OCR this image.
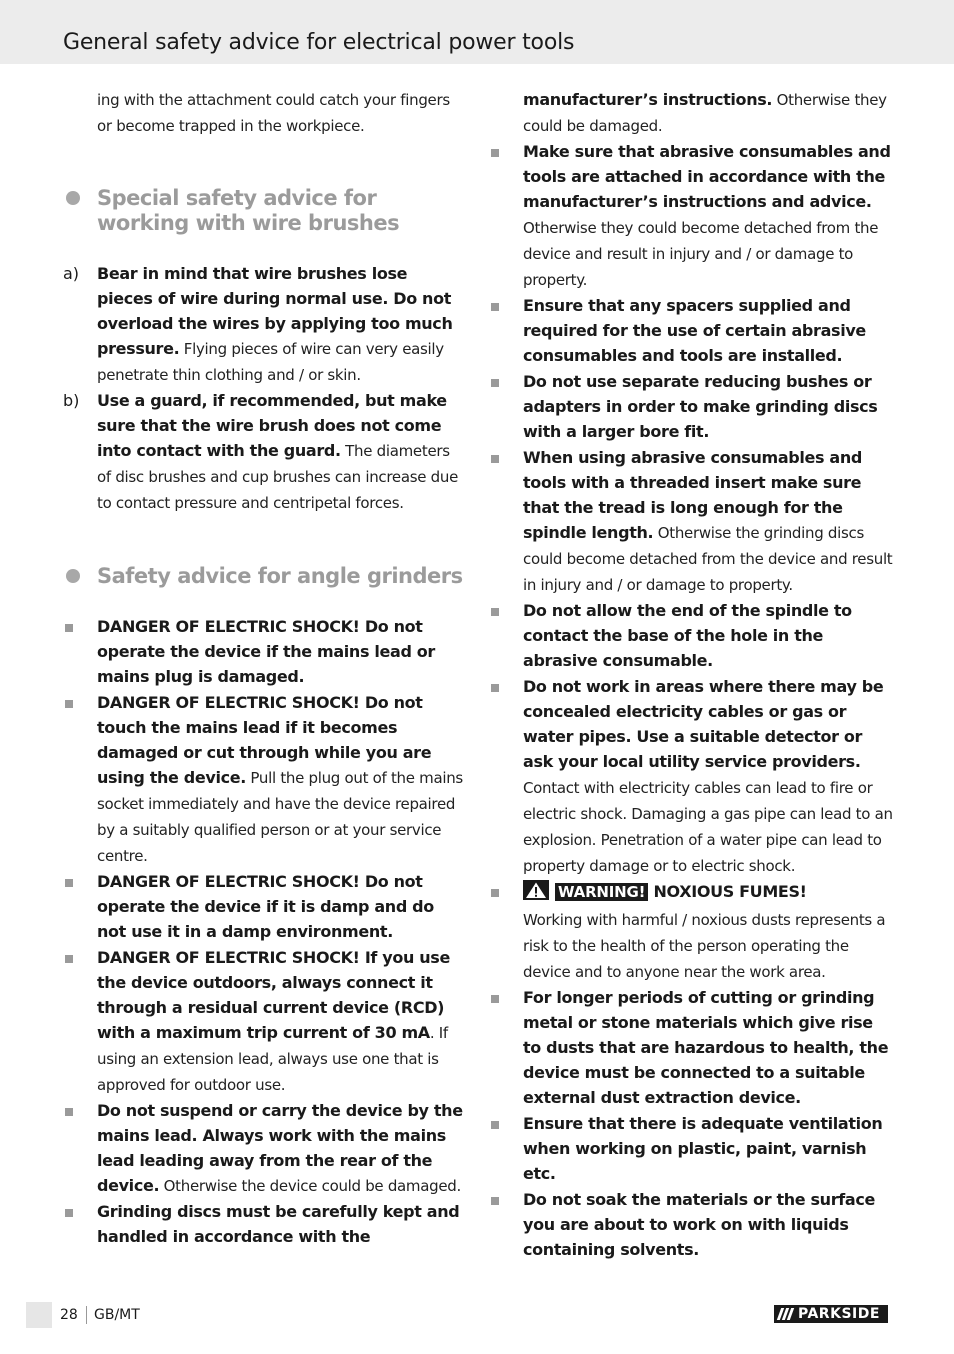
General safety advice for electrical power tools

ing with the attachment could catch your fingers or become trapped in the workpiece.

Special safety advice for working with wire brushes
a) Bear in mind that wire brushes lose pieces of wire during normal use. Do not overload the wires by applying too much pressure. Flying pieces of wire can very easily penetrate thin clothing and / or skin.
b) Use a guard, if recommended, but make sure that the wire brush does not come into contact with the guard. The diameters of disc brushes and cup brushes can increase due to contact pressure and centripetal forces.
Safety advice for angle grinders
DANGER OF ELECTRIC SHOCK! Do not operate the device if the mains lead or mains plug is damaged.
DANGER OF ELECTRIC SHOCK! Do not touch the mains lead if it becomes damaged or cut through while you are using the device. Pull the plug out of the mains socket immediately and have the device repaired by a suitably qualified person or at your service centre.
DANGER OF ELECTRIC SHOCK! Do not operate the device if it is damp and do not use it in a damp environment.
DANGER OF ELECTRIC SHOCK! If you use the device outdoors, always connect it through a residual current device (RCD) with a maximum trip current of 30 mA. If using an extension lead, always use one that is approved for outdoor use.
Do not suspend or carry the device by the mains lead. Always work with the mains lead leading away from the rear of the device. Otherwise the device could be damaged.
Grinding discs must be carefully kept and handled in accordance with the

manufacturer’s instructions. Otherwise they could be damaged.

Make sure that abrasive consumables and tools are attached in accordance with the manufacturer’s instructions and advice. Otherwise they could become detached from the device and result in injury and / or damage to property.
Ensure that any spacers supplied and required for the use of certain abrasive consumables and tools are installed.
Do not use separate reducing bushes or adapters in order to make grinding discs with a larger bore fit.
When using abrasive consumables and tools with a threaded insert make sure that the tread is long enough for the spindle length. Otherwise the grinding discs could become detached from the device and result in injury and / or damage to property.
Do not allow the end of the spindle to contact the base of the hole in the abrasive consumable.
Do not work in areas where there may be concealed electricity cables or gas or water pipes. Use a suitable detector or ask your local utility service providers. Contact with electricity cables can lead to fire or electric shock. Damaging a gas pipe can lead to an explosion. Penetration of a water pipe can lead to property damage or to electric shock.
WARNING! NOXIOUS FUMES!
Working with harmful / noxious dusts represents a risk to the health of the person operating the device and to anyone near the work area.
For longer periods of cutting or grinding metal or stone materials which give rise to dusts that are hazardous to health, the device must be connected to a suitable external dust extraction device.
Ensure that there is adequate ventilation when working on plastic, paint, varnish etc.
Do not soak the materials or the surface you are about to work on with liquids containing solvents.
28 GB/MT	PARKSIDE
